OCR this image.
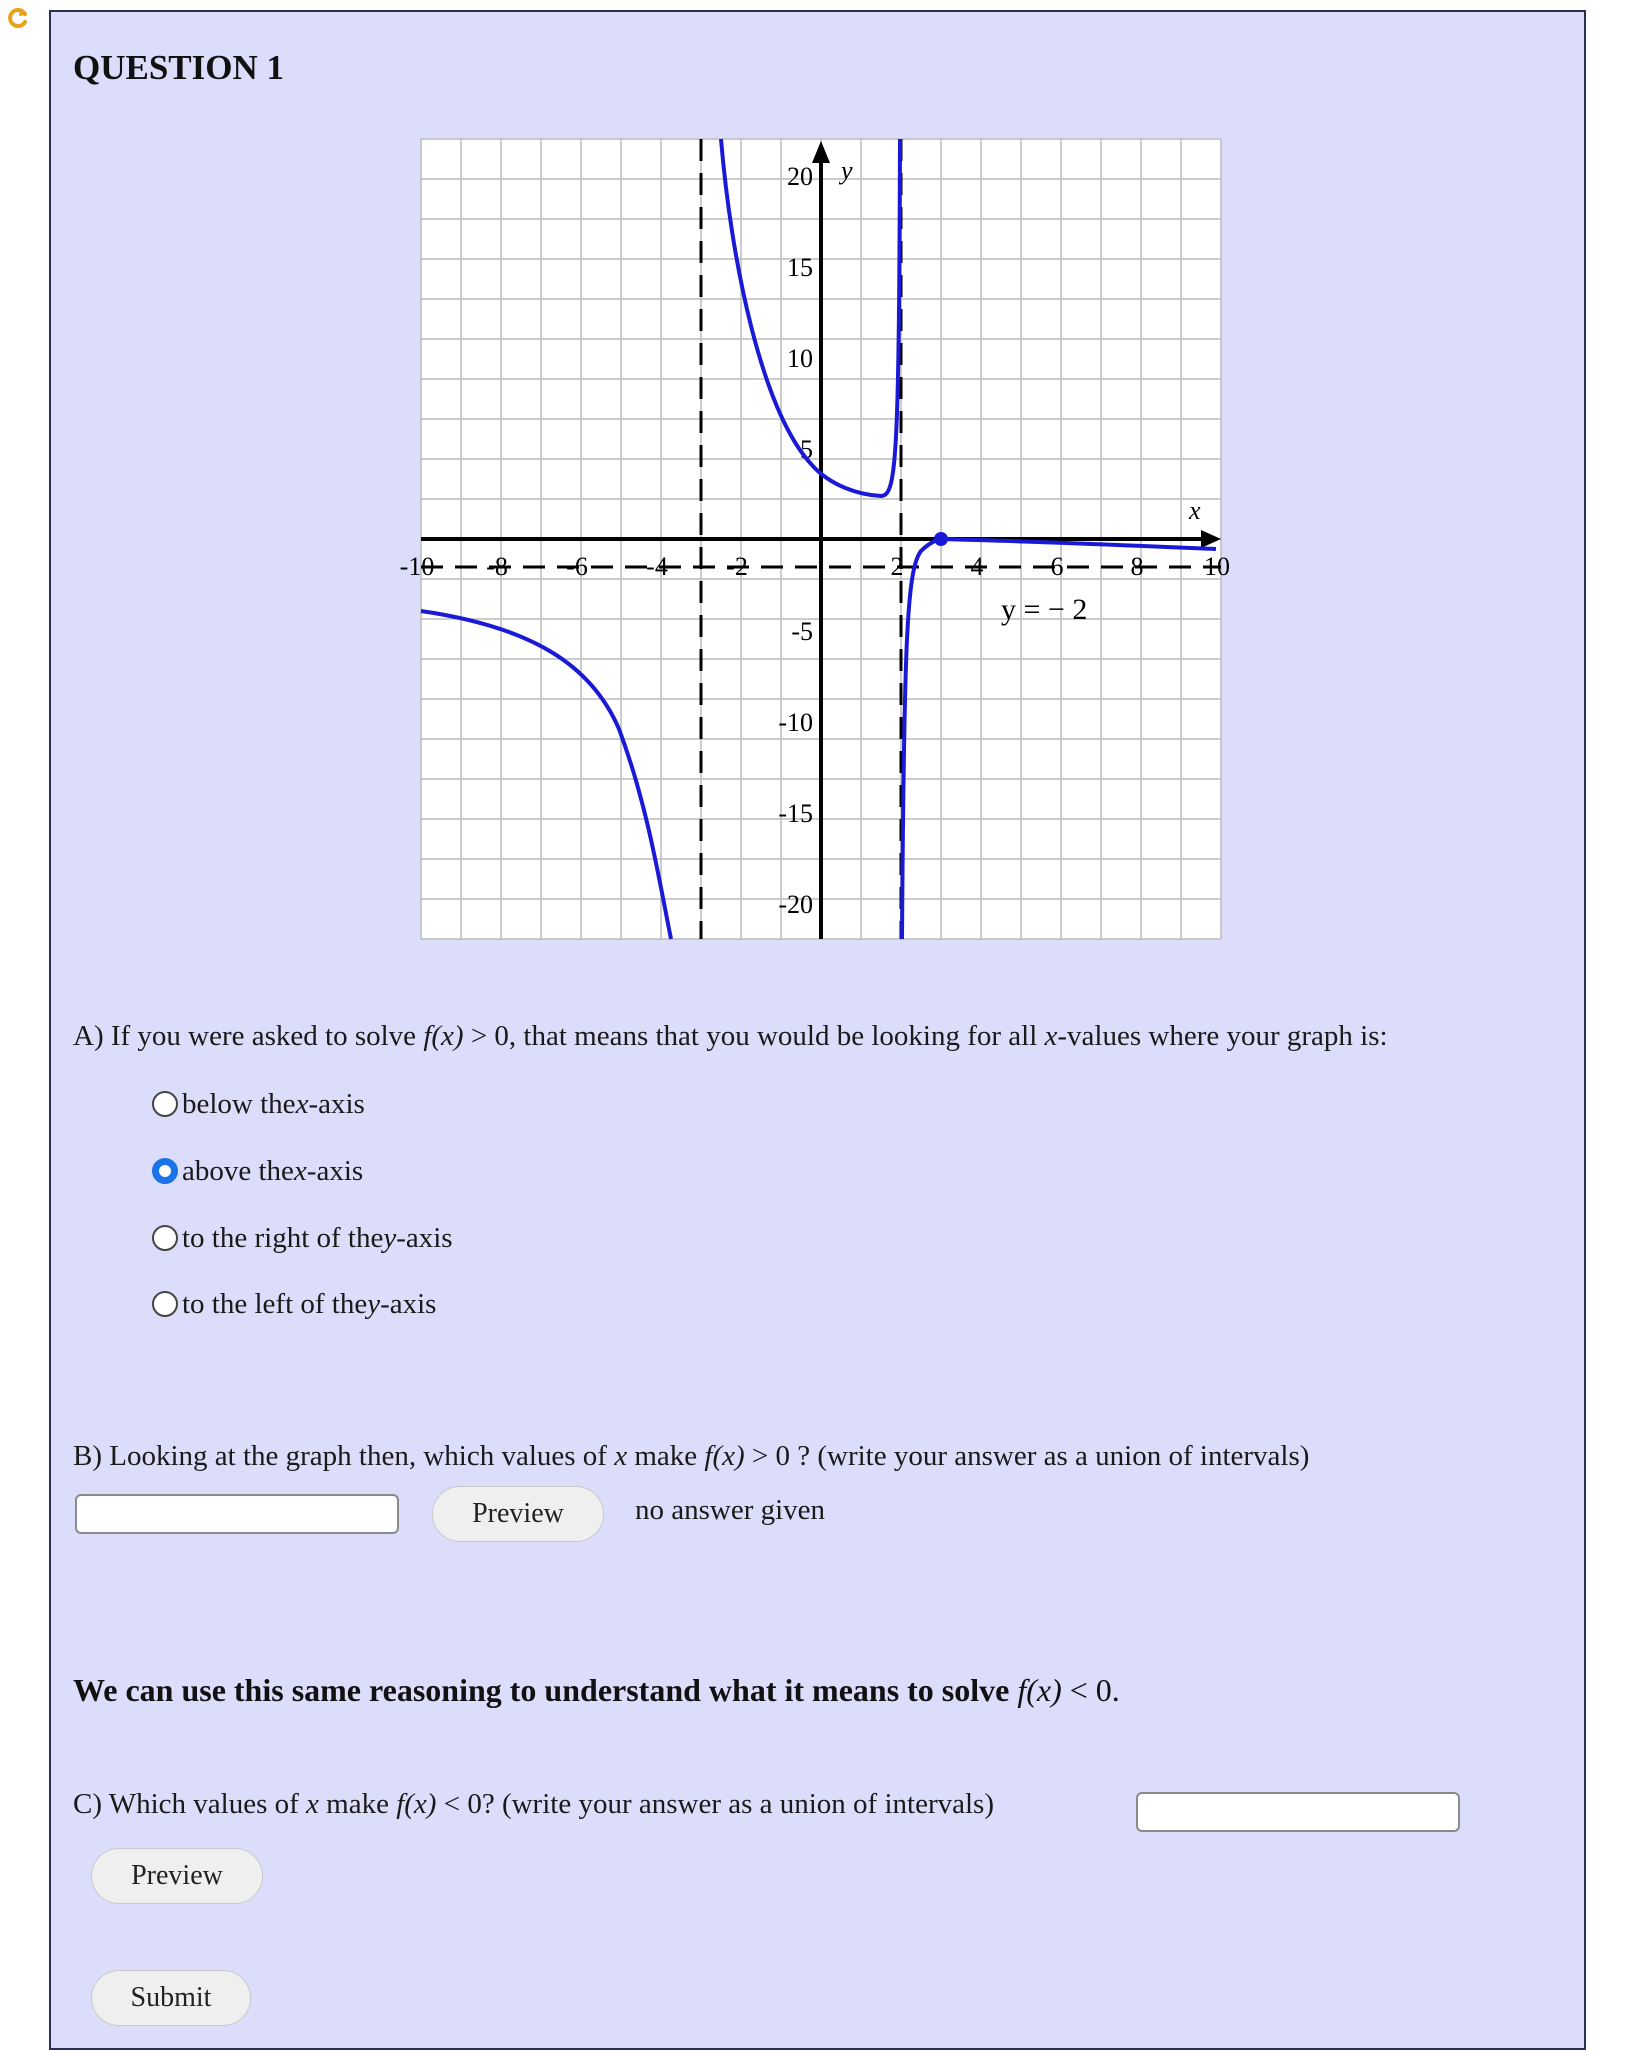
QUESTION 1
20
15
10
5
-5
-10
-15
-20
-10 -8 -6 -4 -2	2	4	6	8 10
x
y
y = − 2
A) If you were asked to solve f(x) > 0, that means that you would be looking for all x-values where your graph is:
below the x -axis
above the x -axis
to the right of the y -axis
to the left of the y -axis
B) Looking at the graph then, which values of x make f(x) > 0 ? (write your answer as a union of intervals)
Preview	no answer given
We can use this same reasoning to understand what it means to solve f(x) < 0.
C) Which values of x make f(x) < 0? (write your answer as a union of intervals)
Preview
Submit
